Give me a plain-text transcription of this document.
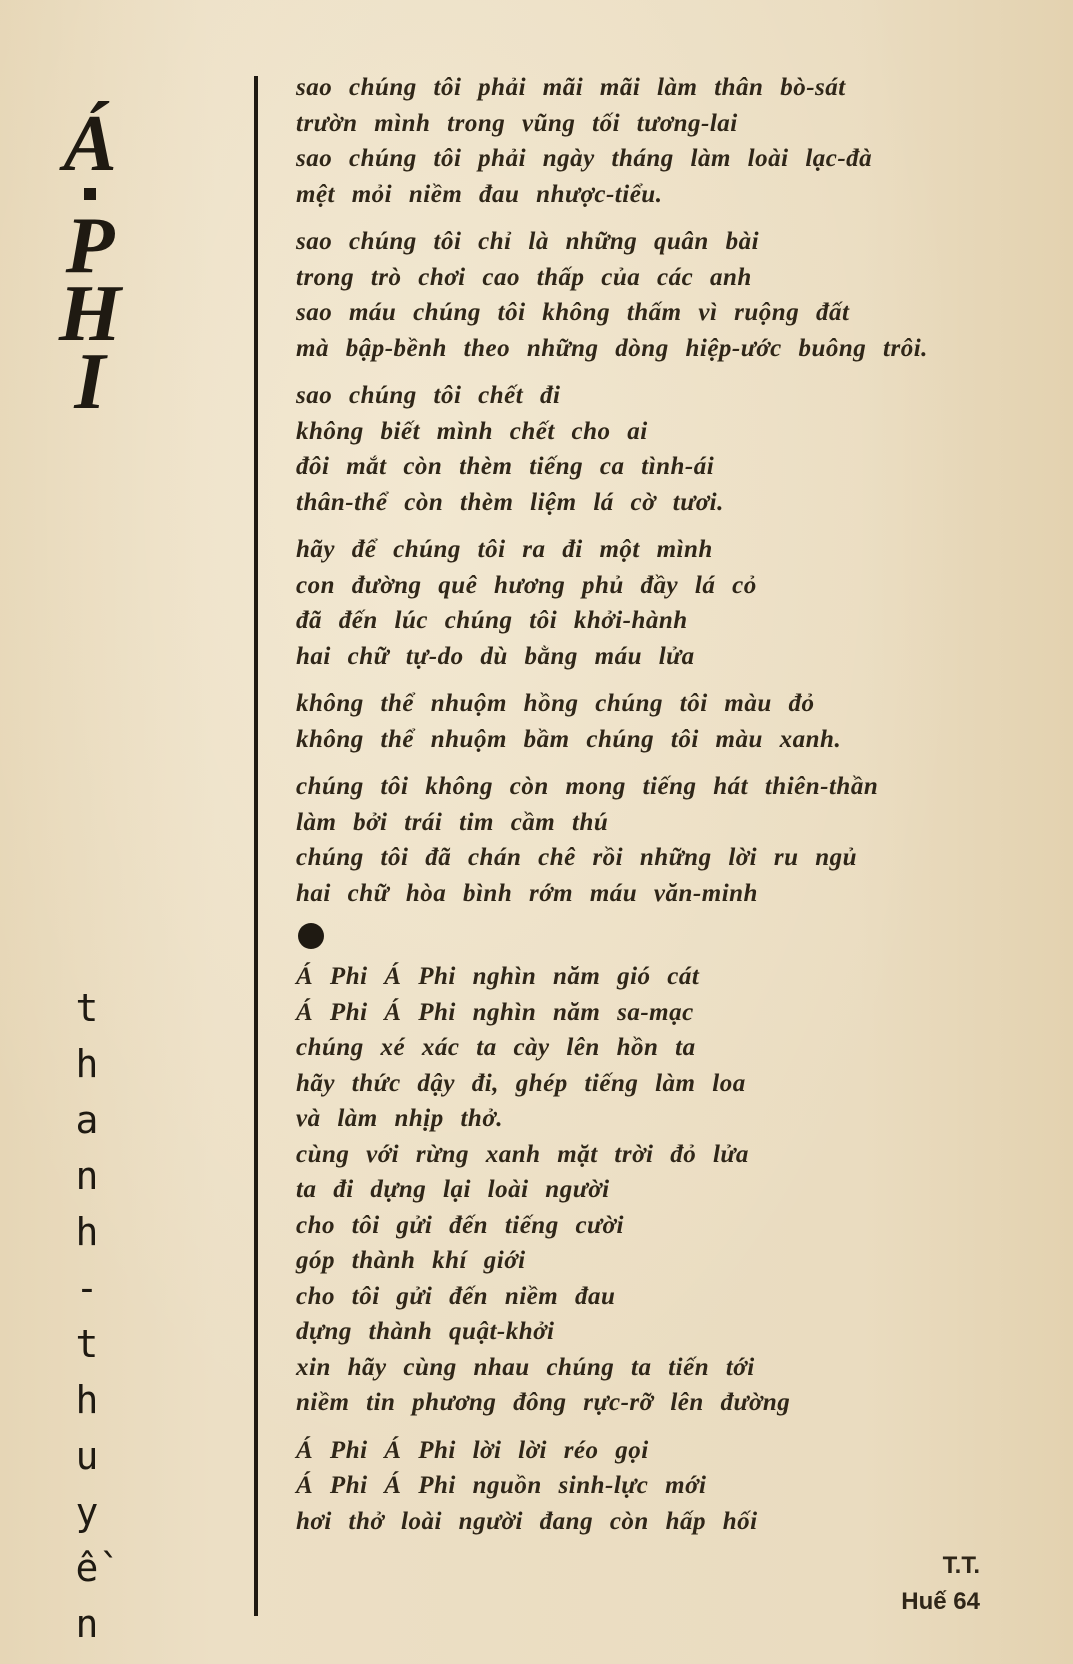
Á
P
H
I
t
h
a
n
h
-
t
h
u
y
ề
n
sao chúng tôi phải mãi mãi làm thân bò-sát
trườn mình trong vũng tối tương-lai
sao chúng tôi phải ngày tháng làm loài lạc-đà
mệt mỏi niềm đau nhược-tiểu.
sao chúng tôi chỉ là những quân bài
trong trò chơi cao thấp của các anh
sao máu chúng tôi không thấm vì ruộng đất
mà bập-bềnh theo những dòng hiệp-ước buông trôi.
sao chúng tôi chết đi
không biết mình chết cho ai
đôi mắt còn thèm tiếng ca tình-ái
thân-thể còn thèm liệm lá cờ tươi.
hãy để chúng tôi ra đi một mình
con đường quê hương phủ đầy lá cỏ
đã đến lúc chúng tôi khởi-hành
hai chữ tự-do dù bằng máu lửa
không thể nhuộm hồng chúng tôi màu đỏ
không thể nhuộm bầm chúng tôi màu xanh.
chúng tôi không còn mong tiếng hát thiên-thần
làm bởi trái tim cầm thú
chúng tôi đã chán chê rồi những lời ru ngủ
hai chữ hòa bình rớm máu văn-minh
Á Phi Á Phi nghìn năm gió cát
Á Phi Á Phi nghìn năm sa-mạc
chúng xé xác ta cày lên hồn ta
hãy thức dậy đi, ghép tiếng làm loa
và làm nhịp thở.
cùng với rừng xanh mặt trời đỏ lửa
ta đi dựng lại loài người
cho tôi gửi đến tiếng cười
góp thành khí giới
cho tôi gửi đến niềm đau
dựng thành quật-khởi
xin hãy cùng nhau chúng ta tiến tới
niềm tin phương đông rực-rỡ lên đường
Á Phi Á Phi lời lời réo gọi
Á Phi Á Phi nguồn sinh-lực mới
hơi thở loài người đang còn hấp hối
T.T.
Huế 64
